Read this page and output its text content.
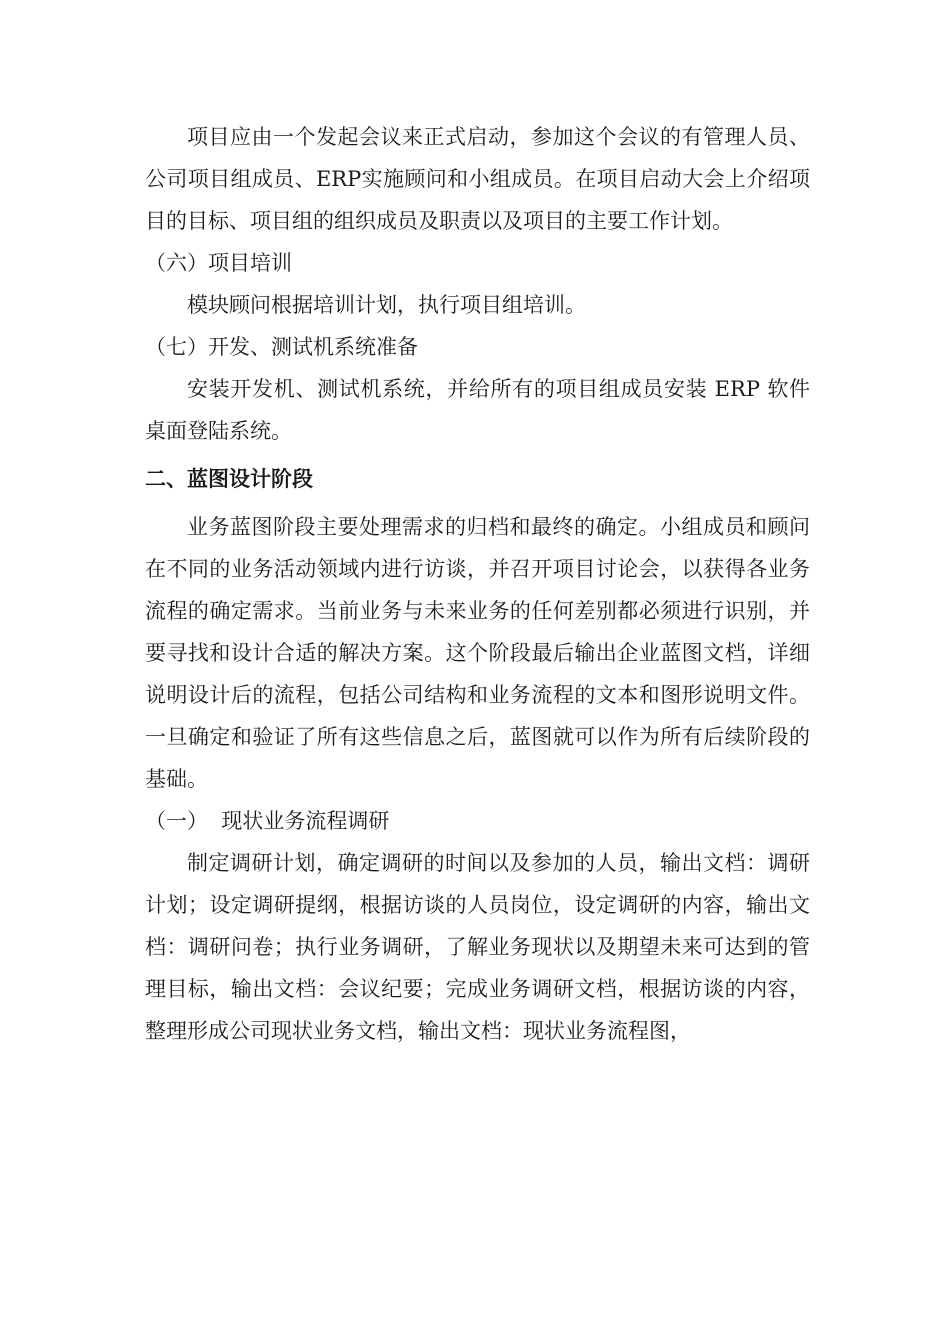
项目应由一个发起会议来正式启动，参加这个会议的有管理人员、公司项目组成员、ERP实施顾问和小组成员。在项目启动大会上介绍项目的目标、项目组的组织成员及职责以及项目的主要工作计划。

（六）项目培训

模块顾问根据培训计划，执行项目组培训。

（七）开发、测试机系统准备

安装开发机、测试机系统，并给所有的项目组成员安装 ERP 软件桌面登陆系统。

二、蓝图设计阶段

业务蓝图阶段主要处理需求的归档和最终的确定。小组成员和顾问在不同的业务活动领域内进行访谈，并召开项目讨论会，以获得各业务流程的确定需求。当前业务与未来业务的任何差别都必须进行识别，并要寻找和设计合适的解决方案。这个阶段最后输出企业蓝图文档，详细说明设计后的流程，包括公司结构和业务流程的文本和图形说明文件。一旦确定和验证了所有这些信息之后，蓝图就可以作为所有后续阶段的基础。

（一）  现状业务流程调研

制定调研计划，确定调研的时间以及参加的人员，输出文档：调研计划；设定调研提纲，根据访谈的人员岗位，设定调研的内容，输出文档：调研问卷；执行业务调研，了解业务现状以及期望未来可达到的管理目标，输出文档：会议纪要；完成业务调研文档，根据访谈的内容，整理形成公司现状业务文档，输出文档：现状业务流程图，
